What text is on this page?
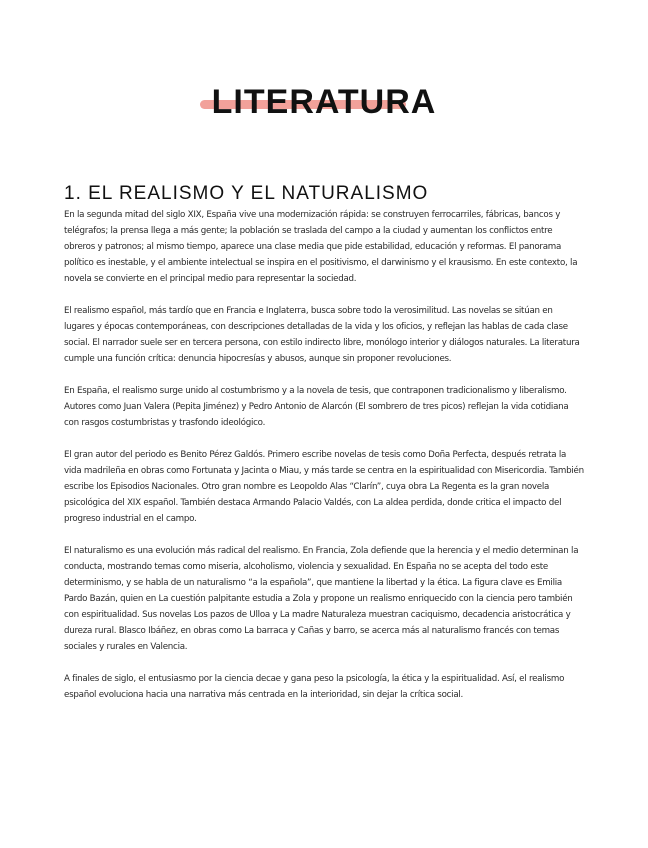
LITERATURA
1. EL REALISMO Y EL NATURALISMO

En la segunda mitad del siglo XIX, España vive una modernización rápida: se construyen ferrocarriles, fábricas, bancos y telégrafos; la prensa llega a más gente; la población se traslada del campo a la ciudad y aumentan los conflictos entre obreros y patronos; al mismo tiempo, aparece una clase media que pide estabilidad, educación y reformas. El panorama político es inestable, y el ambiente intelectual se inspira en el positivismo, el darwinismo y el krausismo. En este contexto, la novela se convierte en el principal medio para representar la sociedad.

El realismo español, más tardío que en Francia e Inglaterra, busca sobre todo la verosimilitud. Las novelas se sitúan en lugares y épocas contemporáneas, con descripciones detalladas de la vida y los oficios, y reflejan las hablas de cada clase social. El narrador suele ser en tercera persona, con estilo indirecto libre, monólogo interior y diálogos naturales. La literatura cumple una función crítica: denuncia hipocresías y abusos, aunque sin proponer revoluciones.

En España, el realismo surge unido al costumbrismo y a la novela de tesis, que contraponen tradicionalismo y liberalismo. Autores como Juan Valera (Pepita Jiménez) y Pedro Antonio de Alarcón (El sombrero de tres picos) reflejan la vida cotidiana con rasgos costumbristas y trasfondo ideológico.

El gran autor del periodo es Benito Pérez Galdós. Primero escribe novelas de tesis como Doña Perfecta, después retrata la vida madrileña en obras como Fortunata y Jacinta o Miau, y más tarde se centra en la espiritualidad con Misericordia. También escribe los Episodios Nacionales. Otro gran nombre es Leopoldo Alas “Clarín”, cuya obra La Regenta es la gran novela psicológica del XIX español. También destaca Armando Palacio Valdés, con La aldea perdida, donde critica el impacto del progreso industrial en el campo.

El naturalismo es una evolución más radical del realismo. En Francia, Zola defiende que la herencia y el medio determinan la conducta, mostrando temas como miseria, alcoholismo, violencia y sexualidad. En España no se acepta del todo este determinismo, y se habla de un naturalismo “a la española”, que mantiene la libertad y la ética. La figura clave es Emilia Pardo Bazán, quien en La cuestión palpitante estudia a Zola y propone un realismo enriquecido con la ciencia pero también con espiritualidad. Sus novelas Los pazos de Ulloa y La madre Naturaleza muestran caciquismo, decadencia aristocrática y dureza rural. Blasco Ibáñez, en obras como La barraca y Cañas y barro, se acerca más al naturalismo francés con temas sociales y rurales en Valencia.

A finales de siglo, el entusiasmo por la ciencia decae y gana peso la psicología, la ética y la espiritualidad. Así, el realismo español evoluciona hacia una narrativa más centrada en la interioridad, sin dejar la crítica social.
